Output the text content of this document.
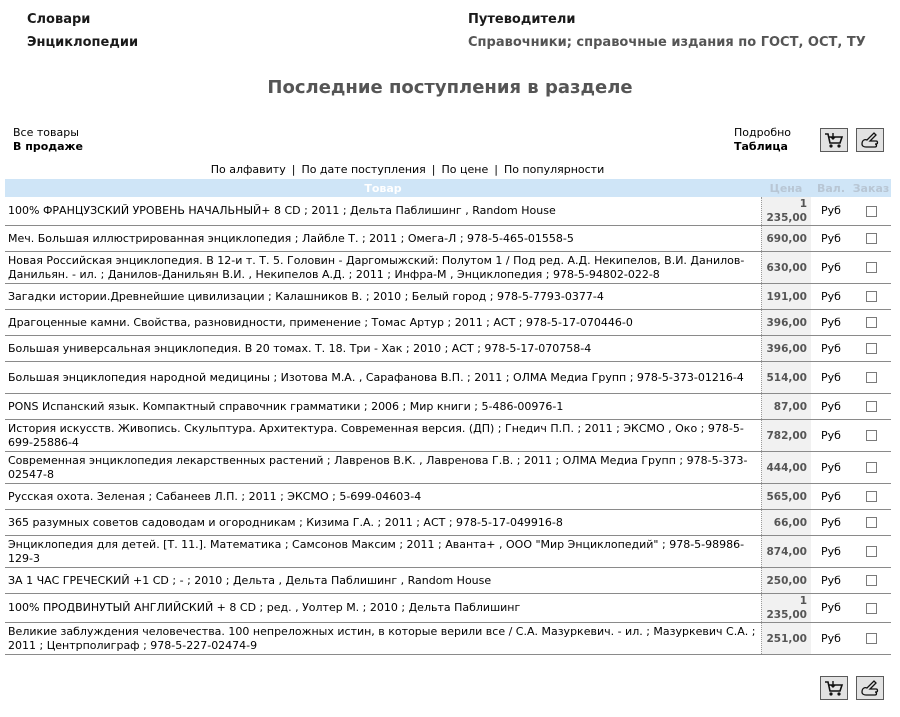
Словари
Энциклопедии
Путеводители
Справочники; справочные издания по ГОСТ, ОСТ, ТУ
Последние поступления в разделе
Все товары
В продаже
Подробно
Таблица
По алфавиту | По дате поступления | По цене | По популярности
Товар	Цена	Вал.	Заказ
100% ФРАНЦУЗСКИЙ УРОВЕНЬ НАЧАЛЬНЫЙ+ 8 CD ; 2011 ; Дельта Паблишинг , Random House	1 235,00	Руб	
Меч. Большая иллюстрированная энциклопедия ; Лайбле Т. ; 2011 ; Омега-Л ; 978-5-465-01558-5	690,00	Руб	
Новая Российская энциклопедия. В 12-и т. Т. 5. Головин - Даргомыжский: Полутом 1 / Под ред. А.Д. Некипелов, В.И. Данилов-Данильян. - ил. ; Данилов-Данильян В.И. , Некипелов А.Д. ; 2011 ; Инфра-М , Энциклопедия ; 978-5-94802-022-8	630,00	Руб	
Загадки истории.Древнейшие цивилизации ; Калашников В. ; 2010 ; Белый город ; 978-5-7793-0377-4	191,00	Руб	
Драгоценные камни. Свойства, разновидности, применение ; Томас Артур ; 2011 ; АСТ ; 978-5-17-070446-0	396,00	Руб	
Большая универсальная энциклопедия. В 20 томах. Т. 18. Три - Хак ; 2010 ; АСТ ; 978-5-17-070758-4	396,00	Руб	
Большая энциклопедия народной медицины ; Изотова М.А. , Сарафанова В.П. ; 2011 ; ОЛМА Медиа Групп ; 978-5-373-01216-4	514,00	Руб	
PONS Испанский язык. Компактный справочник грамматики ; 2006 ; Мир книги ; 5-486-00976-1	87,00	Руб	
История искусств. Живопись. Скульптура. Архитектура. Современная версия. (ДП) ; Гнедич П.П. ; 2011 ; ЭКСМО , Око ; 978-5-699-25886-4	782,00	Руб	
Современная энциклопедия лекарственных растений ; Лавренов В.К. , Лавренова Г.В. ; 2011 ; ОЛМА Медиа Групп ; 978-5-373-02547-8	444,00	Руб	
Русская охота. Зеленая ; Сабанеев Л.П. ; 2011 ; ЭКСМО ; 5-699-04603-4	565,00	Руб	
365 разумных советов садоводам и огородникам ; Кизима Г.А. ; 2011 ; АСТ ; 978-5-17-049916-8	66,00	Руб	
Энциклопедия для детей. [Т. 11.]. Математика ; Самсонов Максим ; 2011 ; Аванта+ , ООО "Мир Энциклопедий" ; 978-5-98986-129-3	874,00	Руб	
ЗА 1 ЧАС ГРЕЧЕСКИЙ +1 CD ; - ; 2010 ; Дельта , Дельта Паблишинг , Random House	250,00	Руб	
100% ПРОДВИНУТЫЙ АНГЛИЙСКИЙ + 8 CD ; ред. , Уолтер М. ; 2010 ; Дельта Паблишинг	1 235,00	Руб	
Великие заблуждения человечества. 100 непреложных истин, в которые верили все / С.А. Мазуркевич. - ил. ; Мазуркевич С.А. ; 2011 ; Центрполиграф ; 978-5-227-02474-9	251,00	Руб	
